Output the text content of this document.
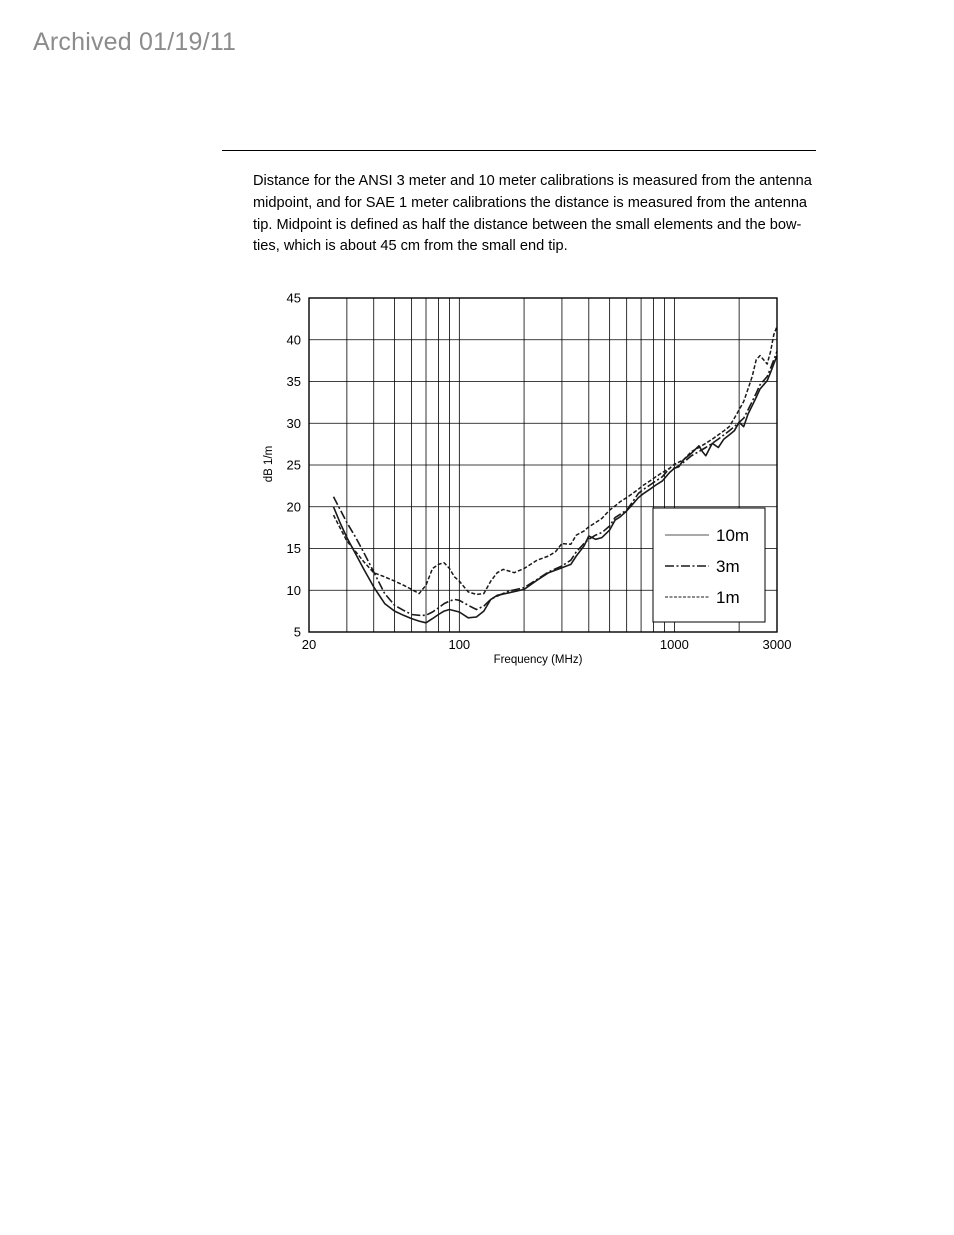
Archived 01/19/11
Distance for the ANSI 3 meter and 10 meter calibrations is measured from the antenna midpoint, and for SAE 1 meter calibrations the distance is measured from the antenna tip. Midpoint is defined as half the distance between the small elements and the bow-ties, which is about 45 cm from the small end tip.
5
10
15
20
25
30
35
40
45
20	100	1000	3000
Frequency (MHz)
dB 1/m
10m
3m
1m
